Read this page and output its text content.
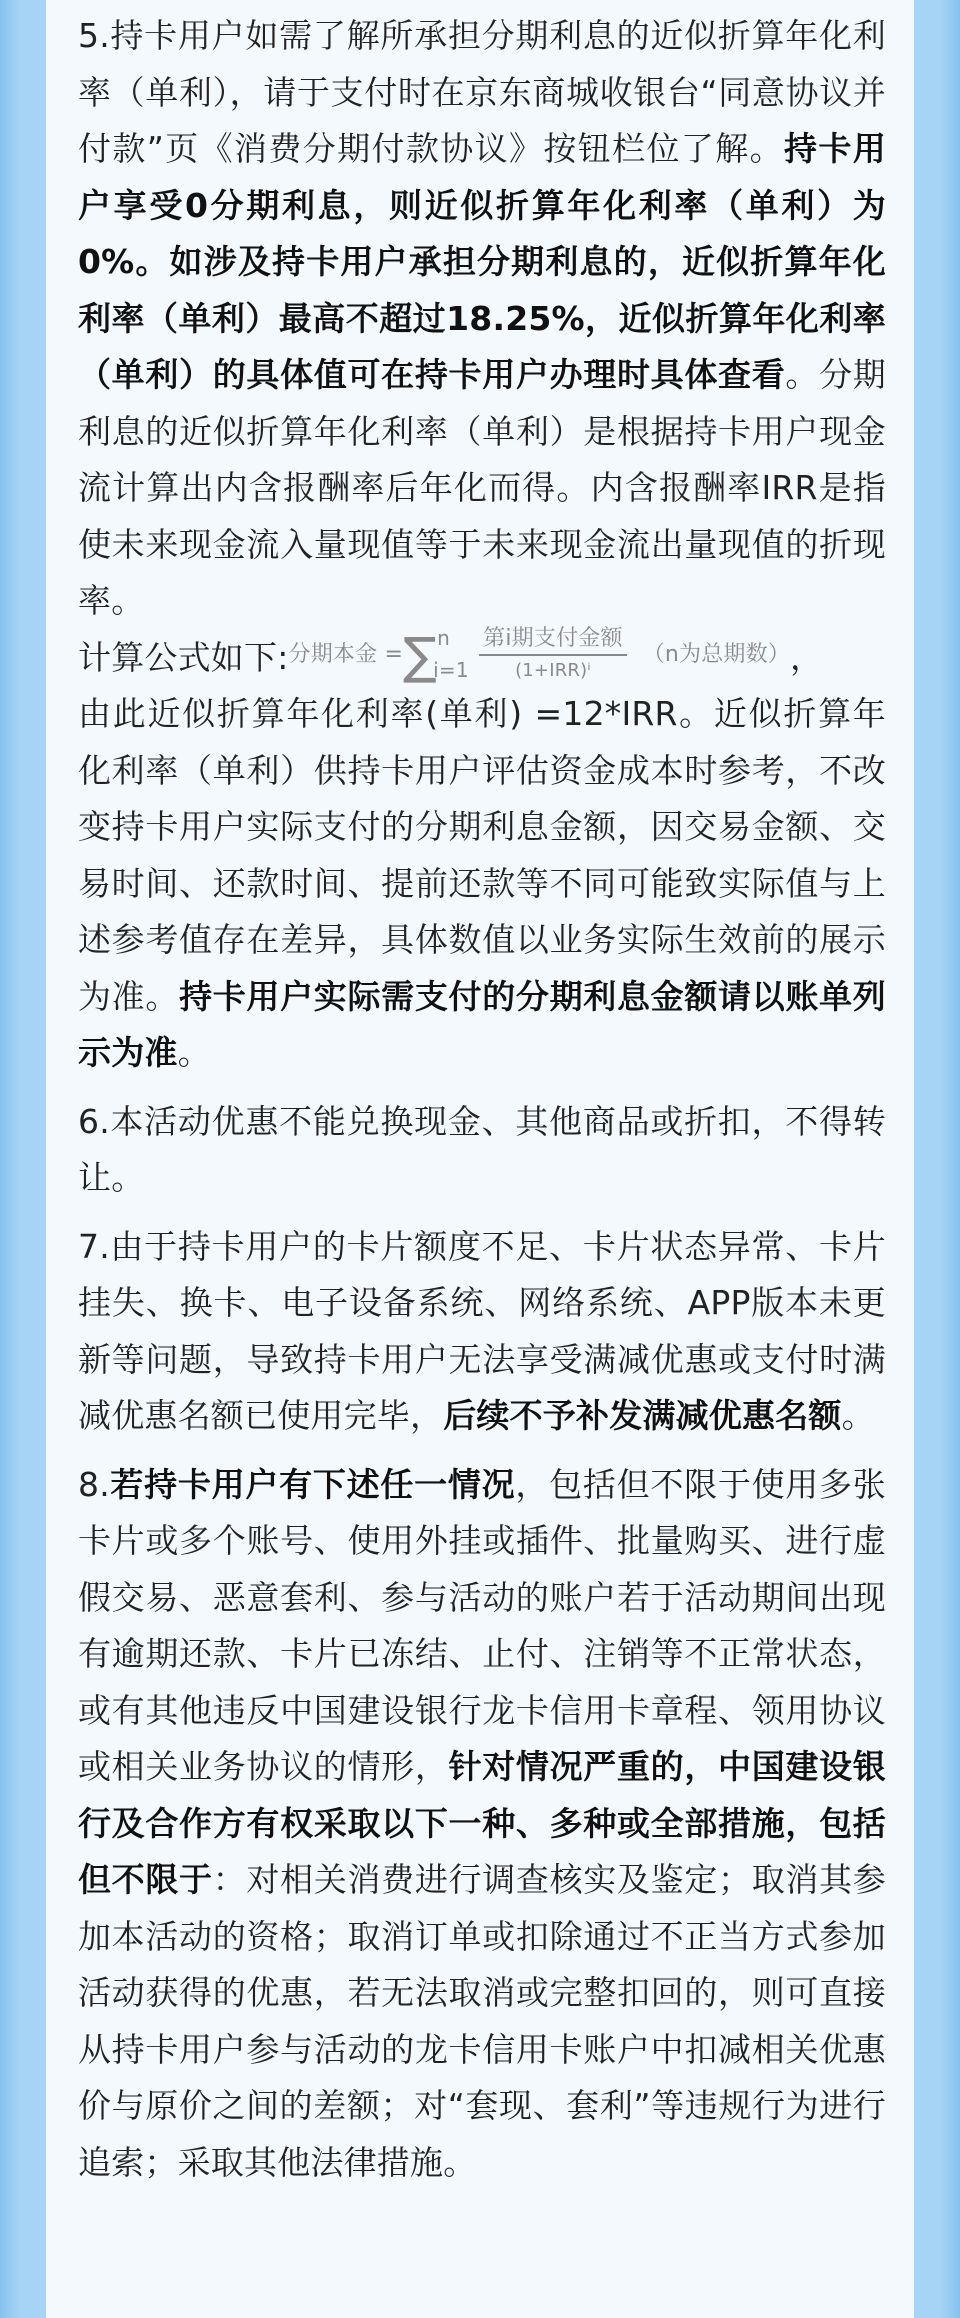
5.持卡用户如需了解所承担分期利息的近似折算年化利率（单利），请于支付时在京东商城收银台“同意协议并付款”页《消费分期付款协议》按钮栏位了解。持卡用户享受0分期利息，则近似折算年化利率（单利）为0%。如涉及持卡用户承担分期利息的，近似折算年化利率（单利）最高不超过18.25%，近似折算年化利率（单利）的具体值可在持卡用户办理时具体查看。分期利息的近似折算年化利率（单利）是根据持卡用户现金流计算出内含报酬率后年化而得。内含报酬率IRR是指使未来现金流入量现值等于未来现金流出量现值的折现率。
计算公式如下:分期本金 = ∑ n
$i=1 \frac{\text{第i期支付金额}}{\text{(1+IRR)ⁱ}} (n$为总期数），
由此近似折算年化利率(单利) =12*IRR。近似折算年化利率（单利）供持卡用户评估资金成本时参考，不改变持卡用户实际支付的分期利息金额，因交易金额、交易时间、还款时间、提前还款等不同可能致实际值与上述参考值存在差异，具体数值以业务实际生效前的展示为准。持卡用户实际需支付的分期利息金额请以账单列示为准。
6.本活动优惠不能兑换现金、其他商品或折扣，不得转让。
7.由于持卡用户的卡片额度不足、卡片状态异常、卡片挂失、换卡、电子设备系统、网络系统、APP版本未更新等问题，导致持卡用户无法享受满减优惠或支付时满减优惠名额已使用完毕，后续不予补发满减优惠名额。
8.若持卡用户有下述任一情况，包括但不限于使用多张卡片或多个账号、使用外挂或插件、批量购买、进行虚假交易、恶意套利、参与活动的账户若于活动期间出现有逾期还款、卡片已冻结、止付、注销等不正常状态，或有其他违反中国建设银行龙卡信用卡章程、领用协议或相关业务协议的情形，针对情况严重的，中国建设银行及合作方有权采取以下一种、多种或全部措施，包括但不限于：对相关消费进行调查核实及鉴定；取消其参加本活动的资格；取消订单或扣除通过不正当方式参加活动获得的优惠，若无法取消或完整扣回的，则可直接从持卡用户参与活动的龙卡信用卡账户中扣减相关优惠价与原价之间的差额；对“套现、套利”等违规行为进行追索；采取其他法律措施。
